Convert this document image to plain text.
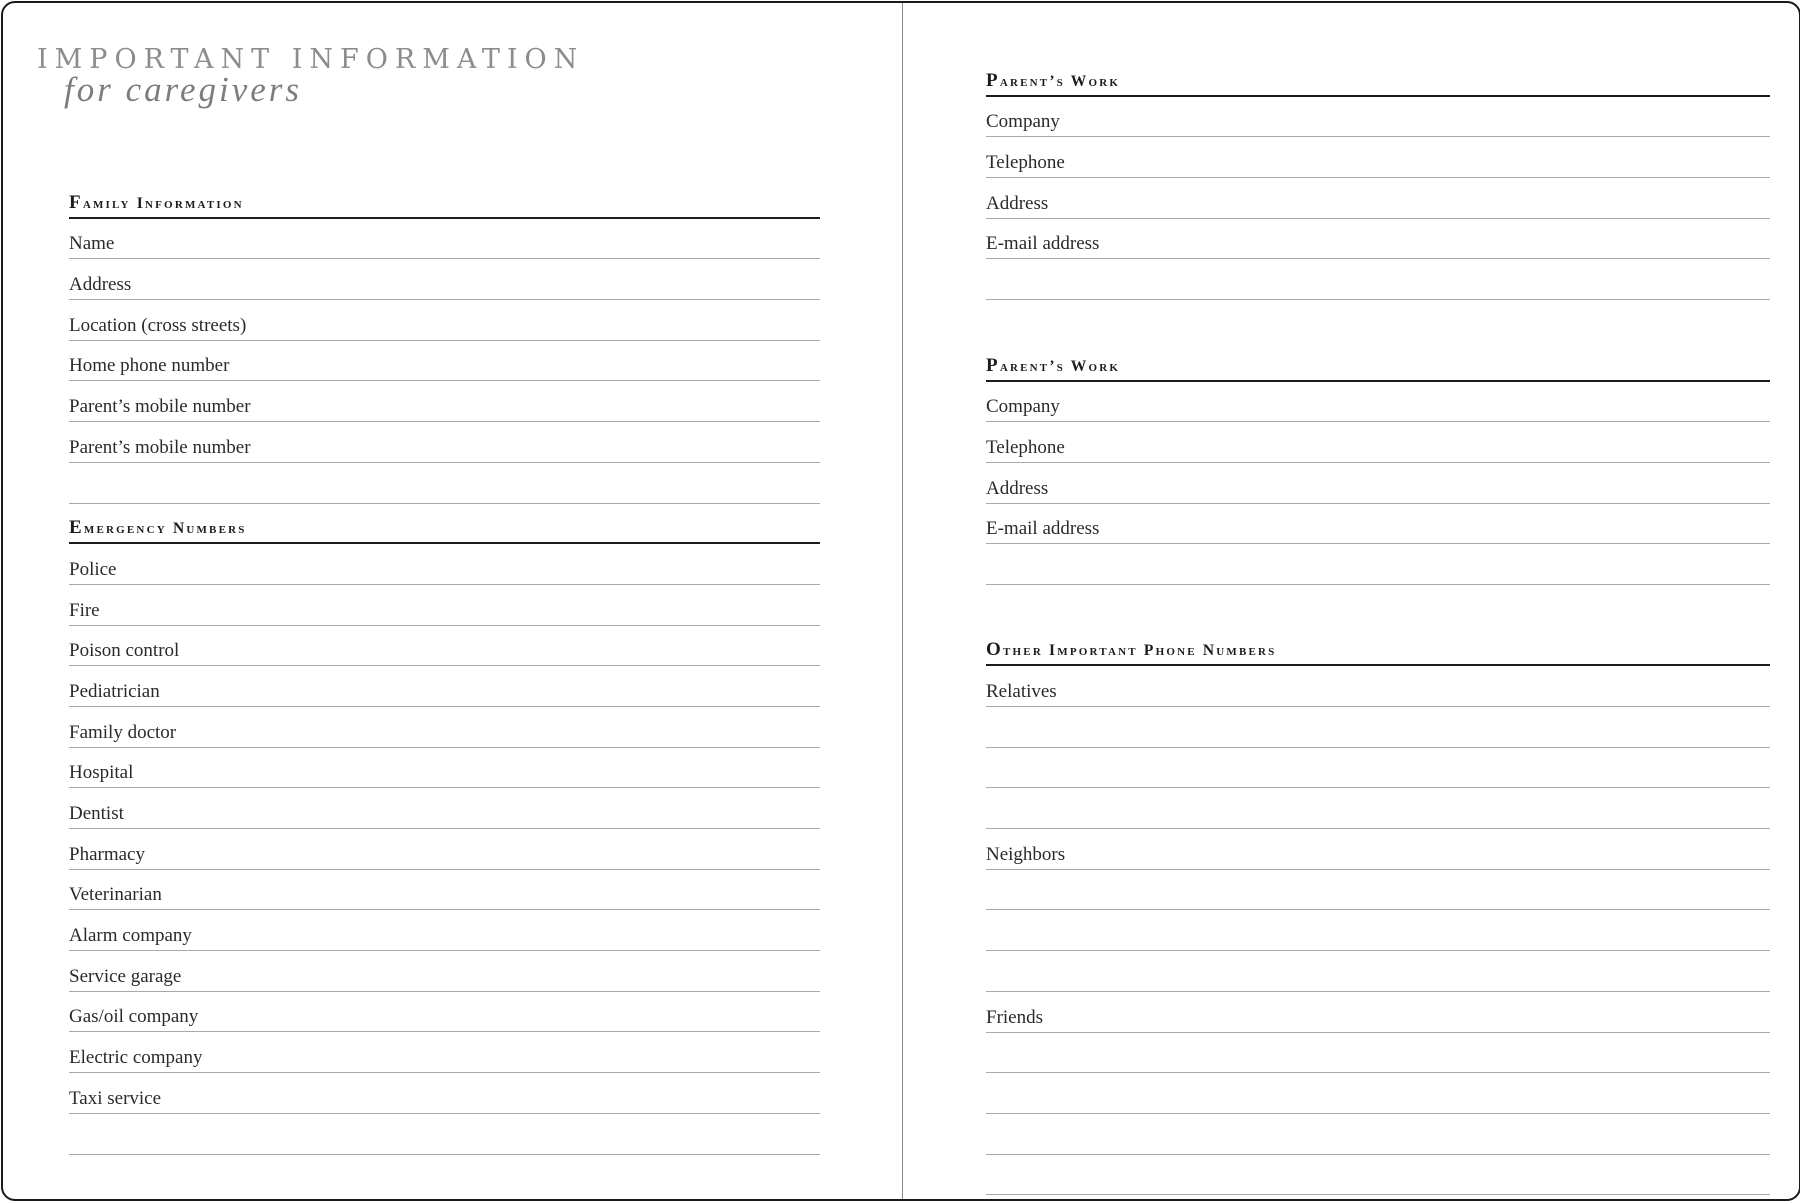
IMPORTANT INFORMATION
for caregivers
Family Information
Name
Address
Location (cross streets)
Home phone number
Parent’s mobile number
Parent’s mobile number
Emergency Numbers
Police
Fire
Poison control
Pediatrician
Family doctor
Hospital
Dentist
Pharmacy
Veterinarian
Alarm company
Service garage
Gas/oil company
Electric company
Taxi service
Parent’s Work
Company
Telephone
Address
E-mail address
Parent’s Work
Company
Telephone
Address
E-mail address
Other Important Phone Numbers
Relatives
Neighbors
Friends
